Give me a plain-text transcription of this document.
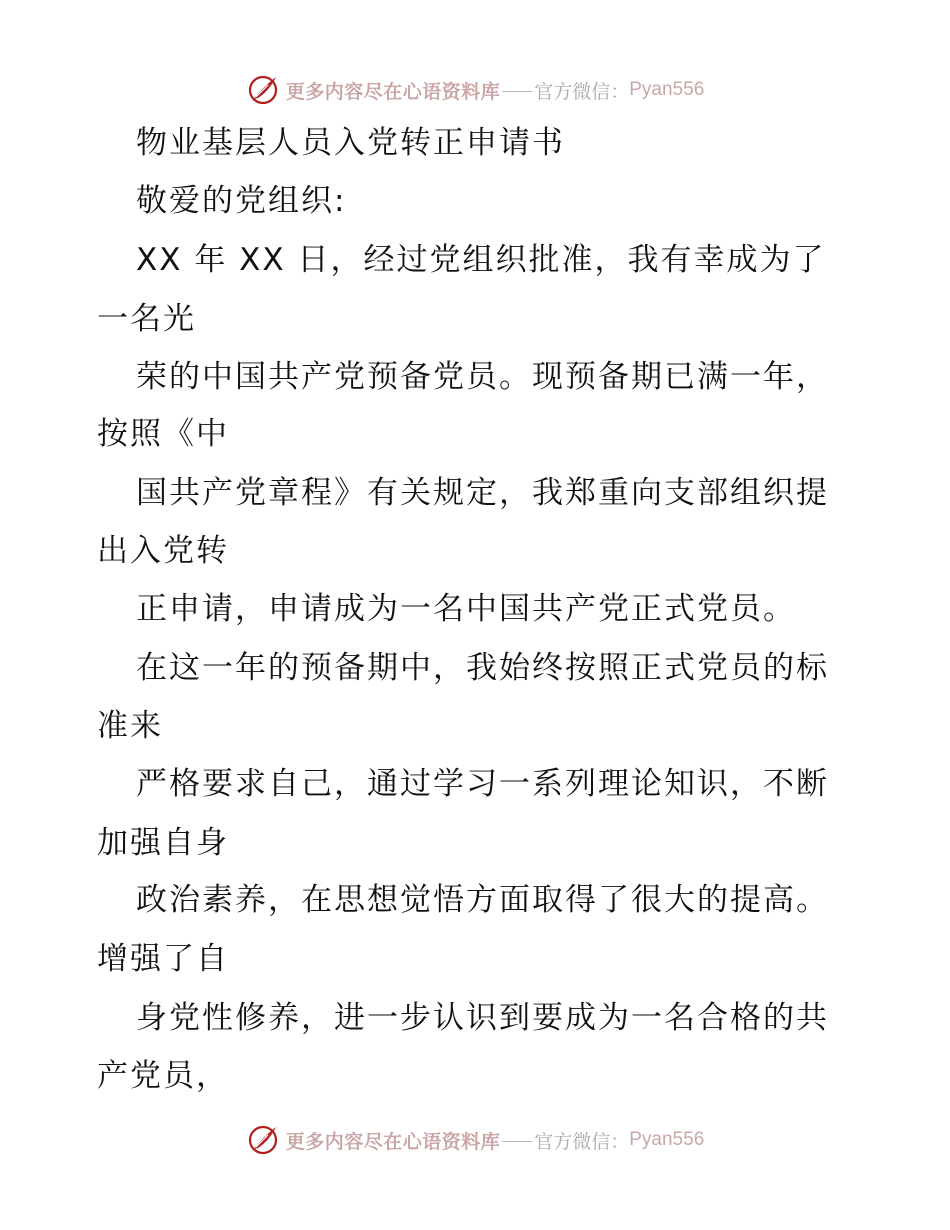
更多内容尽在心语资料库 官方微信： Pyan556
物业基层人员入党转正申请书
敬爱的党组织:
XX 年 XX 日，经过党组织批准，我有幸成为了
一名光
荣的中国共产党预备党员。现预备期已满一年，
按照《中
国共产党章程》有关规定，我郑重向支部组织提
出入党转
正申请，申请成为一名中国共产党正式党员。
在这一年的预备期中，我始终按照正式党员的标
准来
严格要求自己，通过学习一系列理论知识，不断
加强自身
政治素养，在思想觉悟方面取得了很大的提高。
增强了自
身党性修养，进一步认识到要成为一名合格的共
产党员，
更多内容尽在心语资料库 官方微信： Pyan556
